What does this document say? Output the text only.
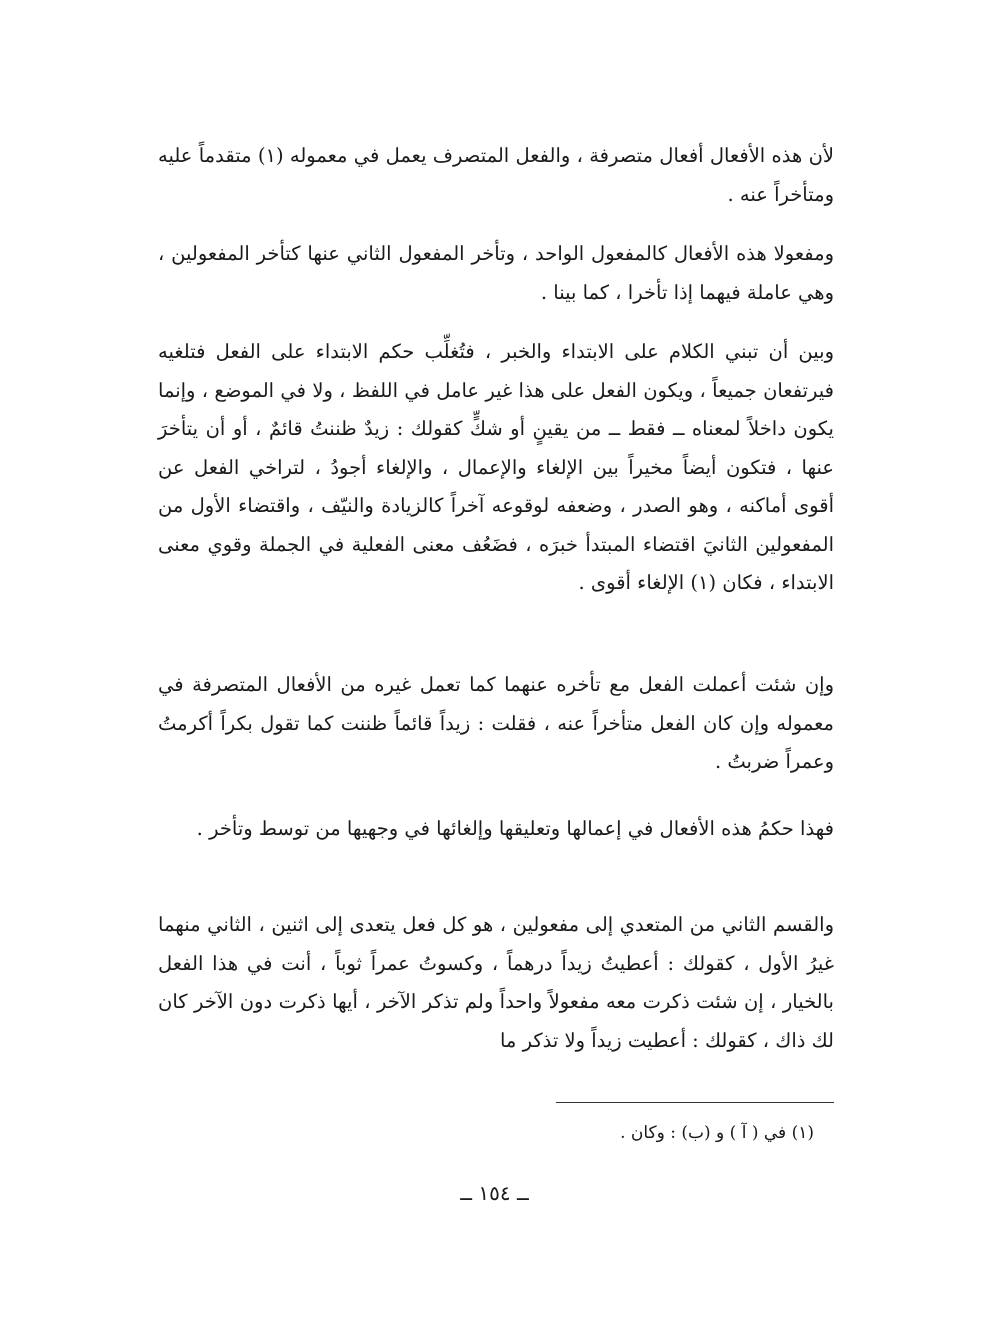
لأن هذه الأفعال أفعال متصرفة ، والفعل المتصرف يعمل في معموله (١) متقدماً عليه ومتأخراً عنه .

ومفعولا هذه الأفعال كالمفعول الواحد ، وتأخر المفعول الثاني عنها كتأخر المفعولين ، وهي عاملة فيهما إذا تأخرا ، كما بينا .

وبين أن تبني الكلام على الابتداء والخبر ، فتُغلِّب حكم الابتداء على الفعل فتلغيه فيرتفعان جميعاً ، ويكون الفعل على هذا غير عامل في اللفظ ، ولا في الموضع ، وإنما يكون داخلاً لمعناه ــ فقط ــ من يقينٍ أو شكٍّ كقولك : زيدٌ ظننتُ قائمٌ ، أو أن يتأخرَ عنها ، فتكون أيضاً مخيراً بين الإلغاء والإعمال ، والإلغاء أجودُ ، لتراخي الفعل عن أقوى أماكنه ، وهو الصدر ، وضعفه لوقوعه آخراً كالزيادة والنيّف ، واقتضاء الأول من المفعولين الثانيَ اقتضاء المبتدأ خبرَه ، فضَعُف معنى الفعلية في الجملة وقوي معنى الابتداء ، فكان (١) الإلغاء أقوى .

وإن شئت أعملت الفعل مع تأخره عنهما كما تعمل غيره من الأفعال المتصرفة في معموله وإن كان الفعل متأخراً عنه ، فقلت : زيداً قائماً ظننت كما تقول بكراً أكرمتُ وعمراً ضربتُ .

فهذا حكمُ هذه الأفعال في إعمالها وتعليقها وإلغائها في وجهيها من توسط وتأخر .

والقسم الثاني من المتعدي إلى مفعولين ، هو كل فعل يتعدى إلى اثنين ، الثاني منهما غيرُ الأول ، كقولك : أعطيتُ زيداً درهماً ، وكسوتُ عمراً ثوباً ، أنت في هذا الفعل بالخيار ، إن شئت ذكرت معه مفعولاً واحداً ولم تذكر الآخر ، أيها ذكرت دون الآخر كان لك ذاك ، كقولك : أعطيت زيداً ولا تذكر ما

(١) في ( آ ) و (ب) : وكان .

ــ ١٥٤ ــ
